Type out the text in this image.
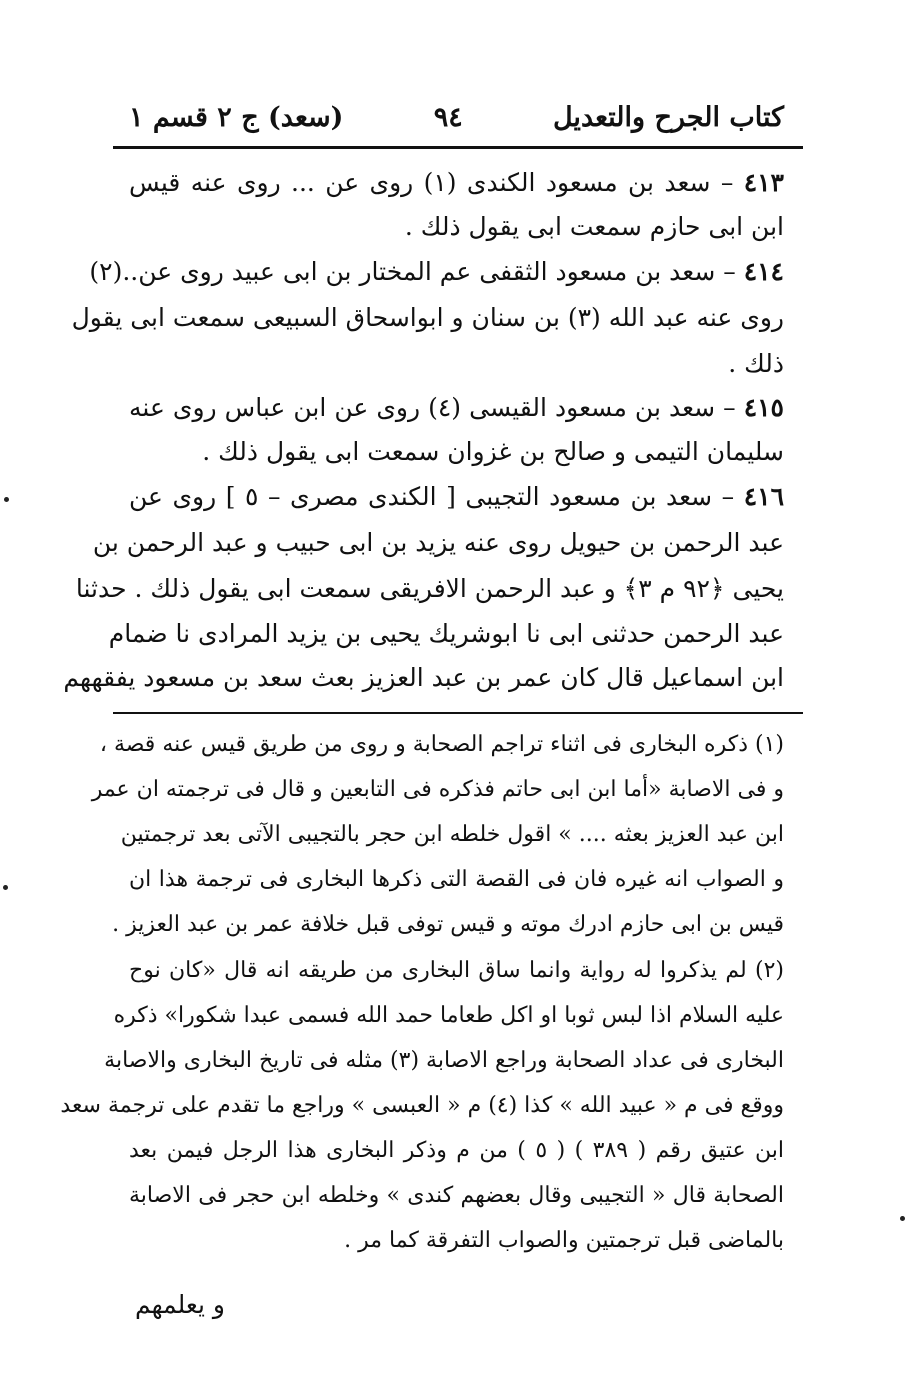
كتاب الجرح والتعديل
٩٤
(سعد) ج ٢ قسم ١
٤١٣ – سعد بن مسعود الكندى (١) روى عن ... روى عنه قيس
ابن ابى حازم سمعت ابى يقول ذلك .
٤١٤ – سعد بن مسعود الثقفى عم المختار بن ابى عبيد روى عن..(٢)
روى عنه عبد الله (٣) بن سنان و ابواسحاق السبيعى سمعت ابى يقول
ذلك .
٤١٥ – سعد بن مسعود القيسى (٤) روى عن ابن عباس روى عنه
سليمان التيمى و صالح بن غزوان سمعت ابى يقول ذلك .
٤١٦ – سعد بن مسعود التجيبى [ الكندى مصرى – ٥ ] روى عن
عبد الرحمن بن حيويل روى عنه يزيد بن ابى حبيب و عبد الرحمن بن
يحيى ﴿٩٢ م ٣﴾ و عبد الرحمن الافريقى سمعت ابى يقول ذلك . حدثنا
عبد الرحمن حدثنى ابى نا ابوشريك يحيى بن يزيد المرادى نا ضمام
ابن اسماعيل قال كان عمر بن عبد العزيز بعث سعد بن مسعود يفقههم
(١) ذكره البخارى فى اثناء تراجم الصحابة و روى من طريق قيس عنه قصة ،
و فى الاصابة «أما ابن ابى حاتم فذكره فى التابعين و قال فى ترجمته ان عمر
ابن عبد العزيز بعثه .... » اقول خلطه ابن حجر بالتجيبى الآتى بعد ترجمتين
و الصواب انه غيره فان فى القصة التى ذكرها البخارى فى ترجمة هذا ان
قيس بن ابى حازم ادرك موته و قيس توفى قبل خلافة عمر بن عبد العزيز .
(٢) لم يذكروا له رواية وانما ساق البخارى من طريقه انه قال «كان نوح
عليه السلام اذا لبس ثوبا او اكل طعاما حمد الله فسمى عبدا شكورا» ذكره
البخارى فى عداد الصحابة وراجع الاصابة (٣) مثله فى تاريخ البخارى والاصابة
ووقع فى م « عبيد الله » كذا (٤) م « العبسى » وراجع ما تقدم على ترجمة سعد
ابن عتيق رقم ( ٣٨٩ ) ( ٥ ) من م وذكر البخارى هذا الرجل فيمن بعد
الصحابة قال « التجيبى وقال بعضهم كندى » وخلطه ابن حجر فى الاصابة
بالماضى قبل ترجمتين والصواب التفرقة كما مر .
و يعلمهم
